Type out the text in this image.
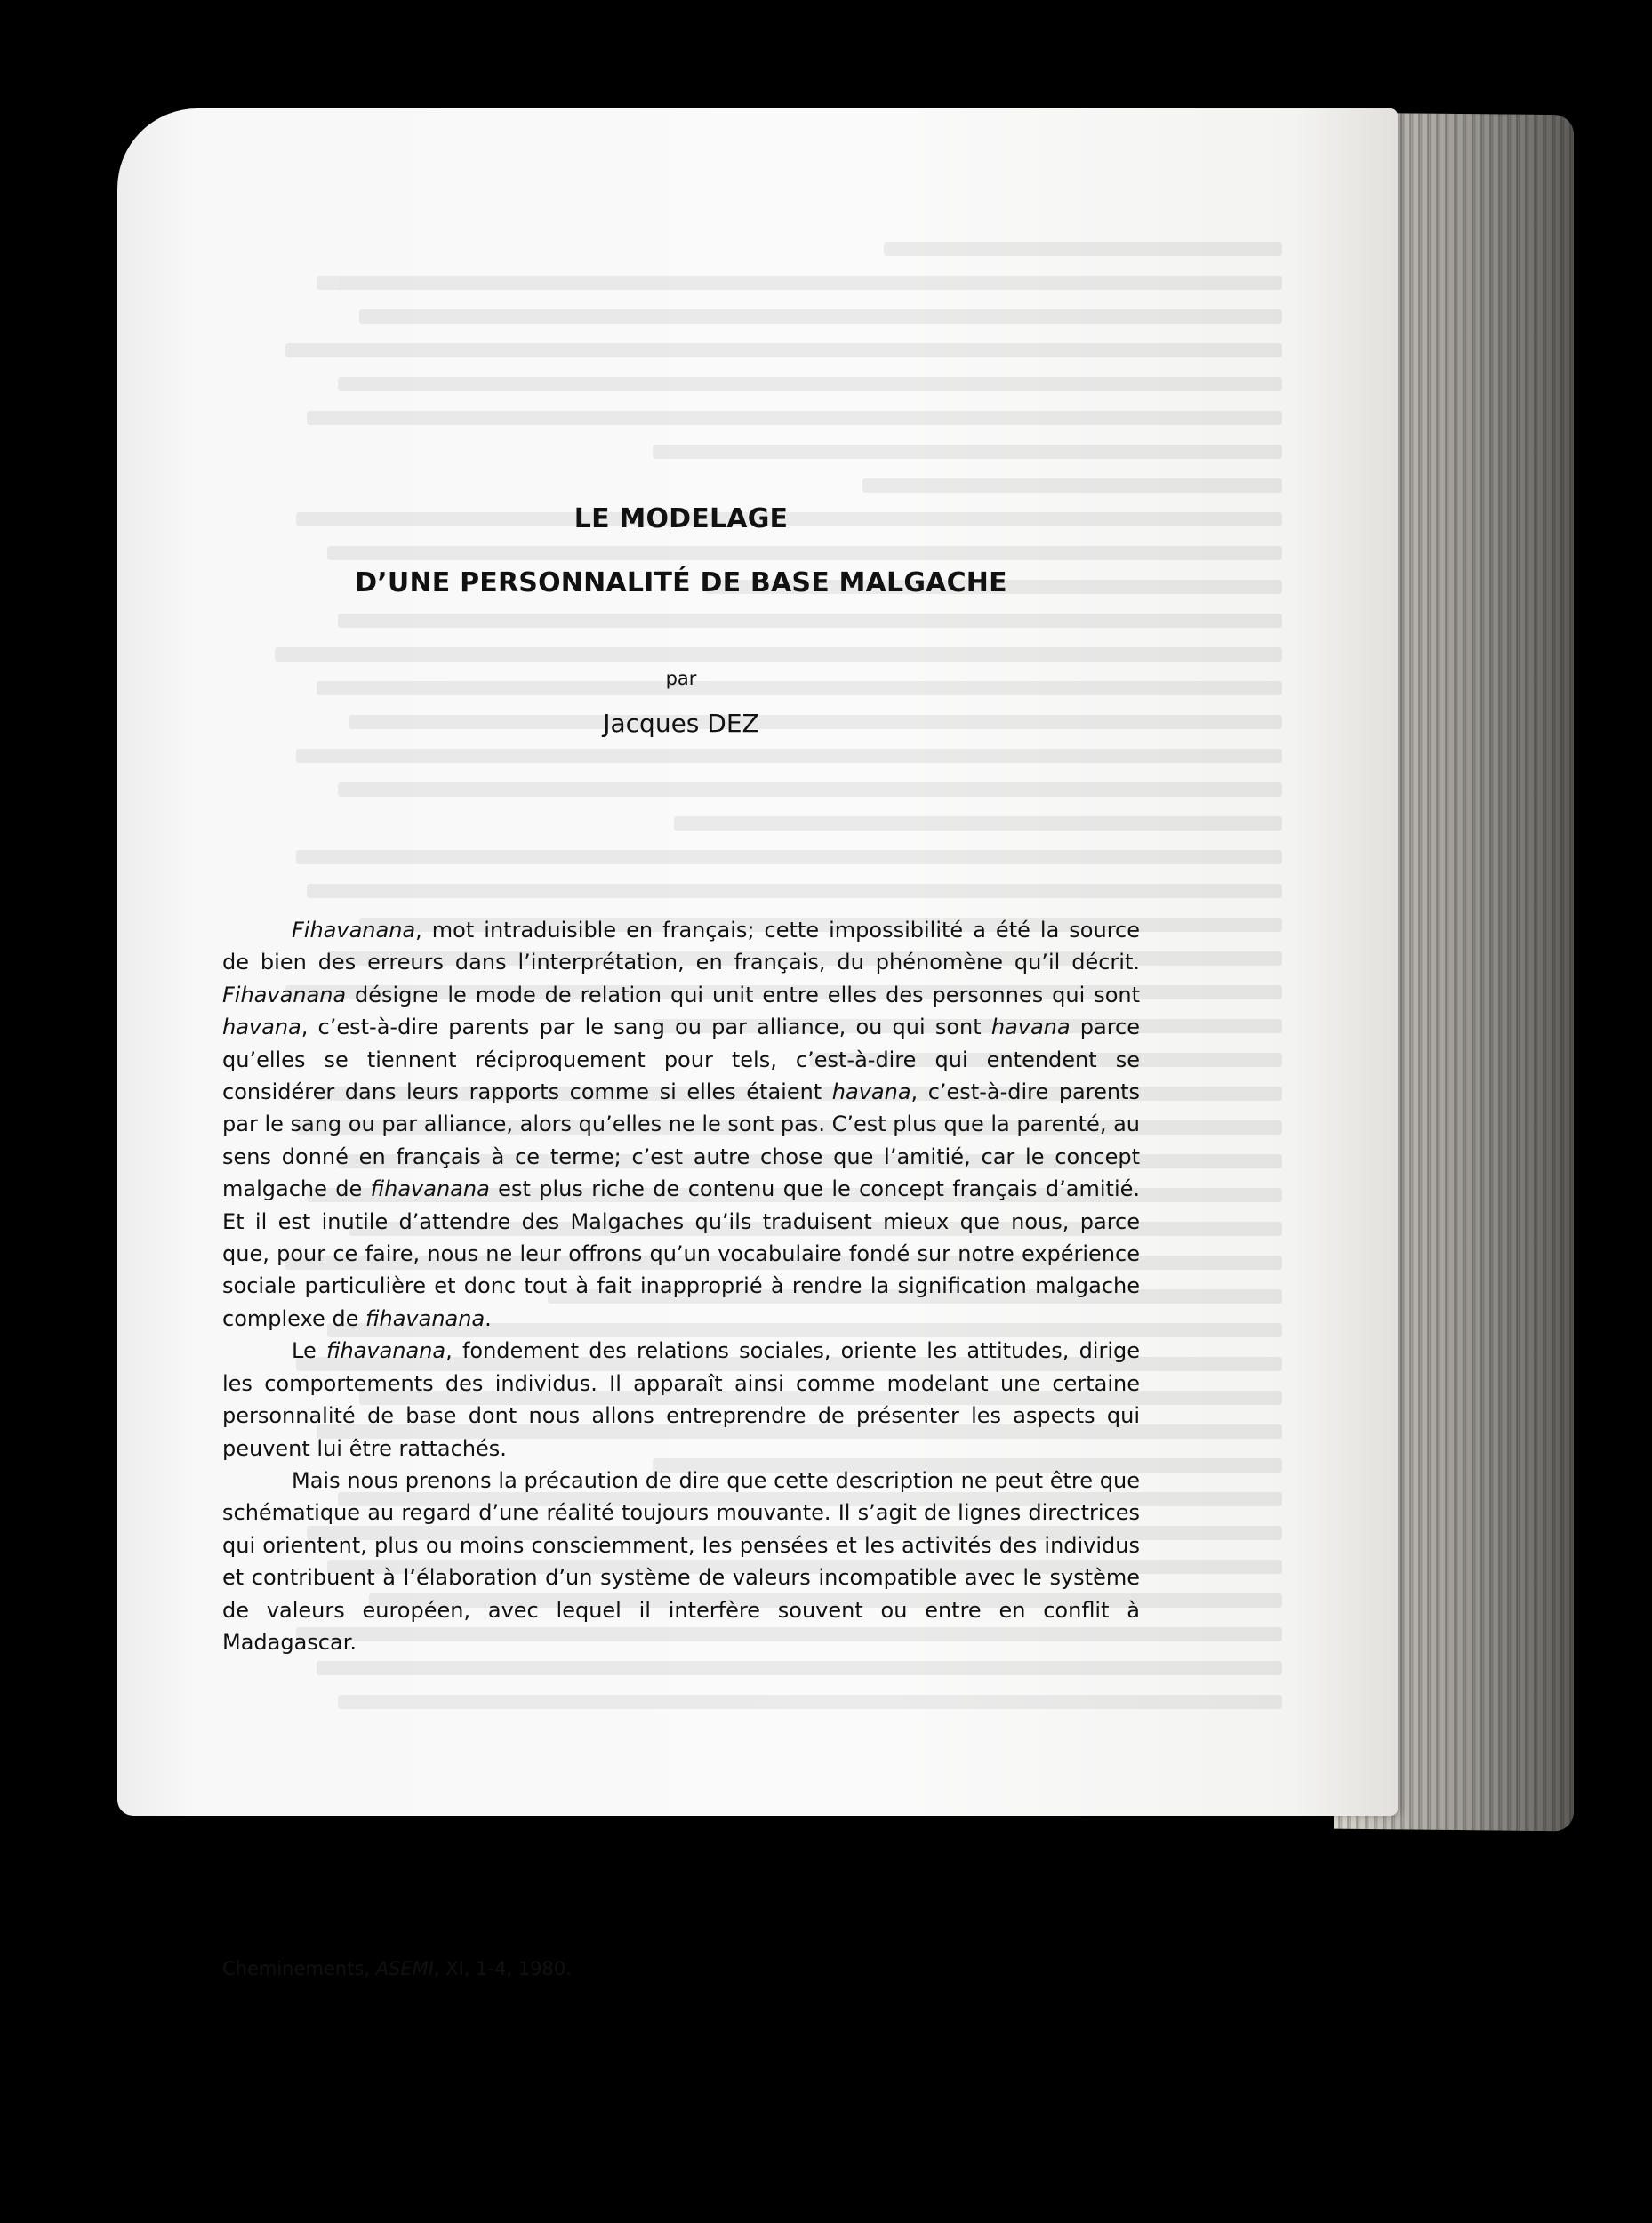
LE MODELAGE
D’UNE PERSONNALITÉ DE BASE MALGACHE
par
Jacques DEZ

Fihavanana, mot intraduisible en français; cette impossibilité a été la source de bien des erreurs dans l’interprétation, en français, du phénomène qu’il décrit. Fihavanana désigne le mode de relation qui unit entre elles des personnes qui sont havana, c’est-à-dire parents par le sang ou par alliance, ou qui sont havana parce qu’elles se tiennent réciproquement pour tels, c’est-à-dire qui entendent se considérer dans leurs rapports comme si elles étaient havana, c’est-à-dire parents par le sang ou par alliance, alors qu’elles ne le sont pas. C’est plus que la parenté, au sens donné en français à ce terme; c’est autre chose que l’amitié, car le concept malgache de fihavanana est plus riche de contenu que le concept français d’amitié. Et il est inutile d’attendre des Malgaches qu’ils traduisent mieux que nous, parce que, pour ce faire, nous ne leur offrons qu’un vocabulaire fondé sur notre expérience sociale particulière et donc tout à fait inapproprié à rendre la signification malgache complexe de fihavanana.

Le fihavanana, fondement des relations sociales, oriente les attitudes, dirige les comportements des individus. Il apparaît ainsi comme modelant une certaine personnalité de base dont nous allons entreprendre de présenter les aspects qui peuvent lui être rattachés.

Mais nous prenons la précaution de dire que cette description ne peut être que schématique au regard d’une réalité toujours mouvante. Il s’agit de lignes directrices qui orientent, plus ou moins consciemment, les pensées et les activités des individus et contribuent à l’élaboration d’un système de valeurs incompatible avec le système de valeurs européen, avec lequel il interfère souvent ou entre en conflit à Madagascar.

Cheminements, ASEMI, XI, 1-4, 1980.
